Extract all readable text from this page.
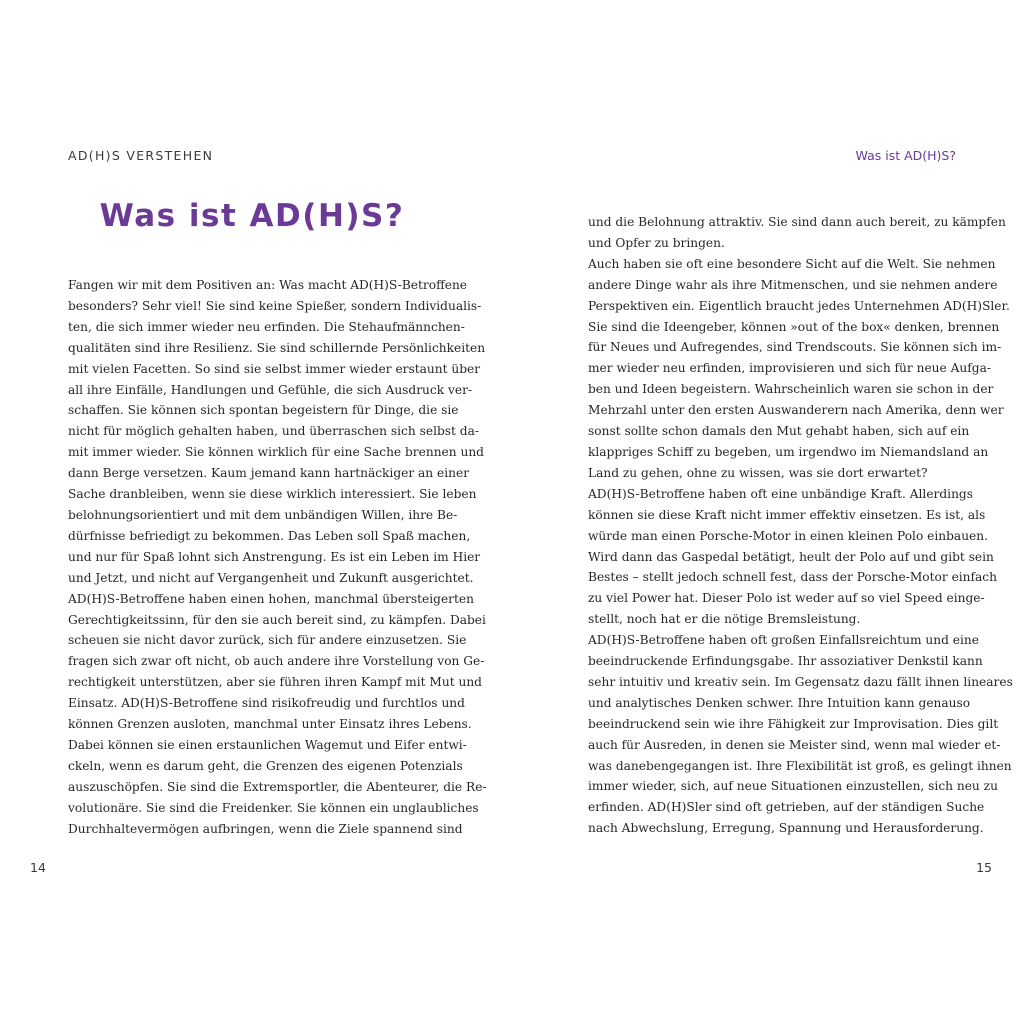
AD(H)S VERSTEHEN	Was ist AD(H)S?
Was ist AD(H)S?
Fangen wir mit dem Positiven an: Was macht AD(H)S-Betroffene
besonders? Sehr viel! Sie sind keine Spießer, sondern Individualis-
ten, die sich immer wieder neu erfinden. Die Stehaufmännchen-
qualitäten sind ihre Resilienz. Sie sind schillernde Persönlichkeiten
mit vielen Facetten. So sind sie selbst immer wieder erstaunt über
all ihre Einfälle, Handlungen und Gefühle, die sich Ausdruck ver-
schaffen. Sie können sich spontan begeistern für Dinge, die sie
nicht für möglich gehalten haben, und überraschen sich selbst da-
mit immer wieder. Sie können wirklich für eine Sache brennen und
dann Berge versetzen. Kaum jemand kann hartnäckiger an einer
Sache dranbleiben, wenn sie diese wirklich interessiert. Sie leben
belohnungsorientiert und mit dem unbändigen Willen, ihre Be-
dürfnisse befriedigt zu bekommen. Das Leben soll Spaß machen,
und nur für Spaß lohnt sich Anstrengung. Es ist ein Leben im Hier
und Jetzt, und nicht auf Vergangenheit und Zukunft ausgerichtet.
AD(H)S-Betroffene haben einen hohen, manchmal übersteigerten
Gerechtigkeitssinn, für den sie auch bereit sind, zu kämpfen. Dabei
scheuen sie nicht davor zurück, sich für andere einzusetzen. Sie
fragen sich zwar oft nicht, ob auch andere ihre Vorstellung von Ge-
rechtigkeit unterstützen, aber sie führen ihren Kampf mit Mut und
Einsatz. AD(H)S-Betroffene sind risikofreudig und furchtlos und
können Grenzen ausloten, manchmal unter Einsatz ihres Lebens.
Dabei können sie einen erstaunlichen Wagemut und Eifer entwi-
ckeln, wenn es darum geht, die Grenzen des eigenen Potenzials
auszuschöpfen. Sie sind die Extremsportler, die Abenteurer, die Re-
volutionäre. Sie sind die Freidenker. Sie können ein unglaubliches
Durchhaltevermögen aufbringen, wenn die Ziele spannend sind
und die Belohnung attraktiv. Sie sind dann auch bereit, zu kämpfen
und Opfer zu bringen.
Auch haben sie oft eine besondere Sicht auf die Welt. Sie nehmen
andere Dinge wahr als ihre Mitmenschen, und sie nehmen andere
Perspektiven ein. Eigentlich braucht jedes Unternehmen AD(H)Sler.
Sie sind die Ideengeber, können »out of the box« denken, brennen
für Neues und Aufregendes, sind Trendscouts. Sie können sich im-
mer wieder neu erfinden, improvisieren und sich für neue Aufga-
ben und Ideen begeistern. Wahrscheinlich waren sie schon in der
Mehrzahl unter den ersten Auswanderern nach Amerika, denn wer
sonst sollte schon damals den Mut gehabt haben, sich auf ein
klappriges Schiff zu begeben, um irgendwo im Niemandsland an
Land zu gehen, ohne zu wissen, was sie dort erwartet?
AD(H)S-Betroffene haben oft eine unbändige Kraft. Allerdings
können sie diese Kraft nicht immer effektiv einsetzen. Es ist, als
würde man einen Porsche-Motor in einen kleinen Polo einbauen.
Wird dann das Gaspedal betätigt, heult der Polo auf und gibt sein
Bestes – stellt jedoch schnell fest, dass der Porsche-Motor einfach
zu viel Power hat. Dieser Polo ist weder auf so viel Speed einge-
stellt, noch hat er die nötige Bremsleistung.
AD(H)S-Betroffene haben oft großen Einfallsreichtum und eine
beeindruckende Erfindungsgabe. Ihr assoziativer Denkstil kann
sehr intuitiv und kreativ sein. Im Gegensatz dazu fällt ihnen lineares
und analytisches Denken schwer. Ihre Intuition kann genauso
beeindruckend sein wie ihre Fähigkeit zur Improvisation. Dies gilt
auch für Ausreden, in denen sie Meister sind, wenn mal wieder et-
was danebengegangen ist. Ihre Flexibilität ist groß, es gelingt ihnen
immer wieder, sich, auf neue Situationen einzustellen, sich neu zu
erfinden. AD(H)Sler sind oft getrieben, auf der ständigen Suche
nach Abwechslung, Erregung, Spannung und Herausforderung.
14	15
